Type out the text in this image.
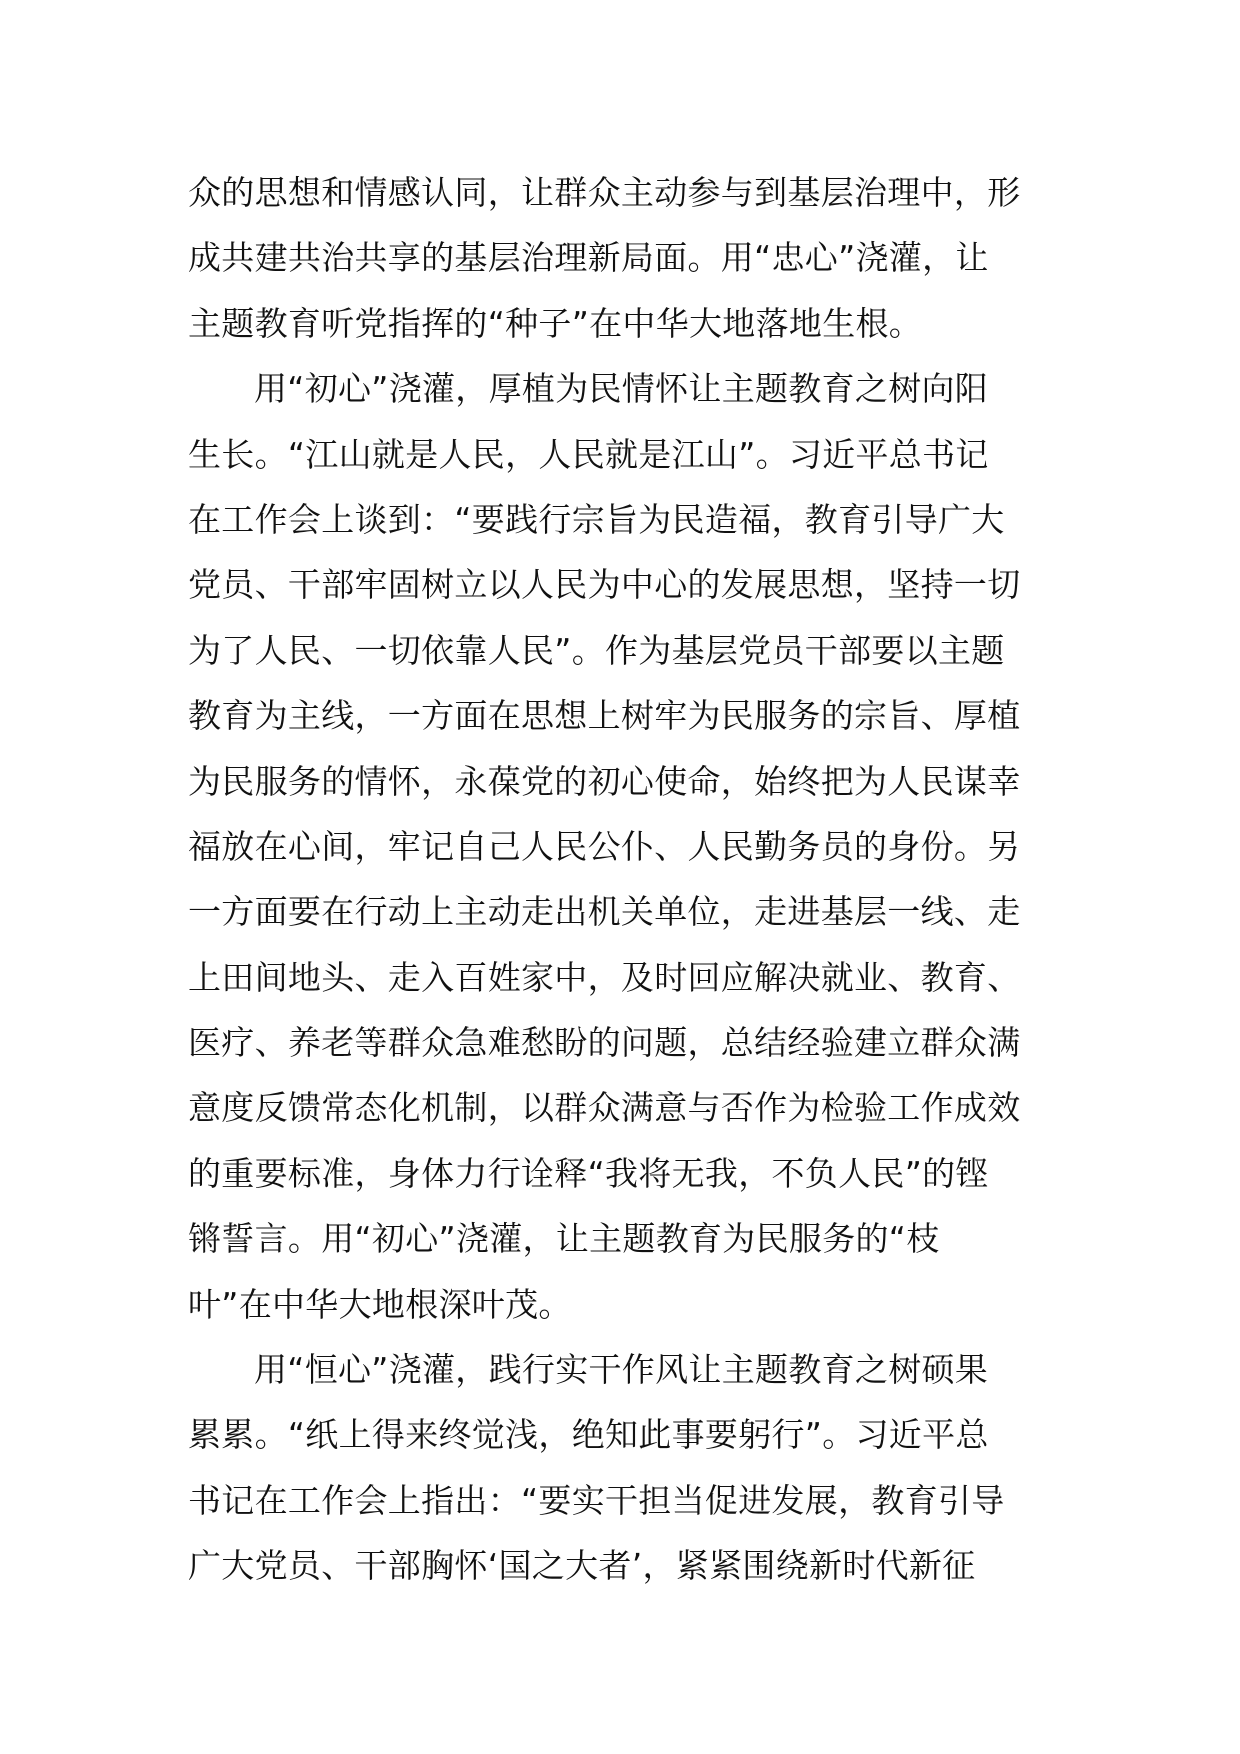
众的思想和情感认同，让群众主动参与到基层治理中，形
成共建共治共享的基层治理新局面。用“忠心”浇灌，让
主题教育听党指挥的“种子”在中华大地落地生根。
用“初心”浇灌，厚植为民情怀让主题教育之树向阳
生长。“江山就是人民，人民就是江山”。习近平总书记
在工作会上谈到：“要践行宗旨为民造福，教育引导广大
党员、干部牢固树立以人民为中心的发展思想，坚持一切
为了人民、一切依靠人民”。作为基层党员干部要以主题
教育为主线，一方面在思想上树牢为民服务的宗旨、厚植
为民服务的情怀，永葆党的初心使命，始终把为人民谋幸
福放在心间，牢记自己人民公仆、人民勤务员的身份。另
一方面要在行动上主动走出机关单位，走进基层一线、走
上田间地头、走入百姓家中，及时回应解决就业、教育、
医疗、养老等群众急难愁盼的问题，总结经验建立群众满
意度反馈常态化机制，以群众满意与否作为检验工作成效
的重要标准，身体力行诠释“我将无我，不负人民”的铿
锵誓言。用“初心”浇灌，让主题教育为民服务的“枝
叶”在中华大地根深叶茂。
用“恒心”浇灌，践行实干作风让主题教育之树硕果
累累。“纸上得来终觉浅，绝知此事要躬行”。习近平总
书记在工作会上指出：“要实干担当促进发展，教育引导
广大党员、干部胸怀‘国之大者’，紧紧围绕新时代新征
